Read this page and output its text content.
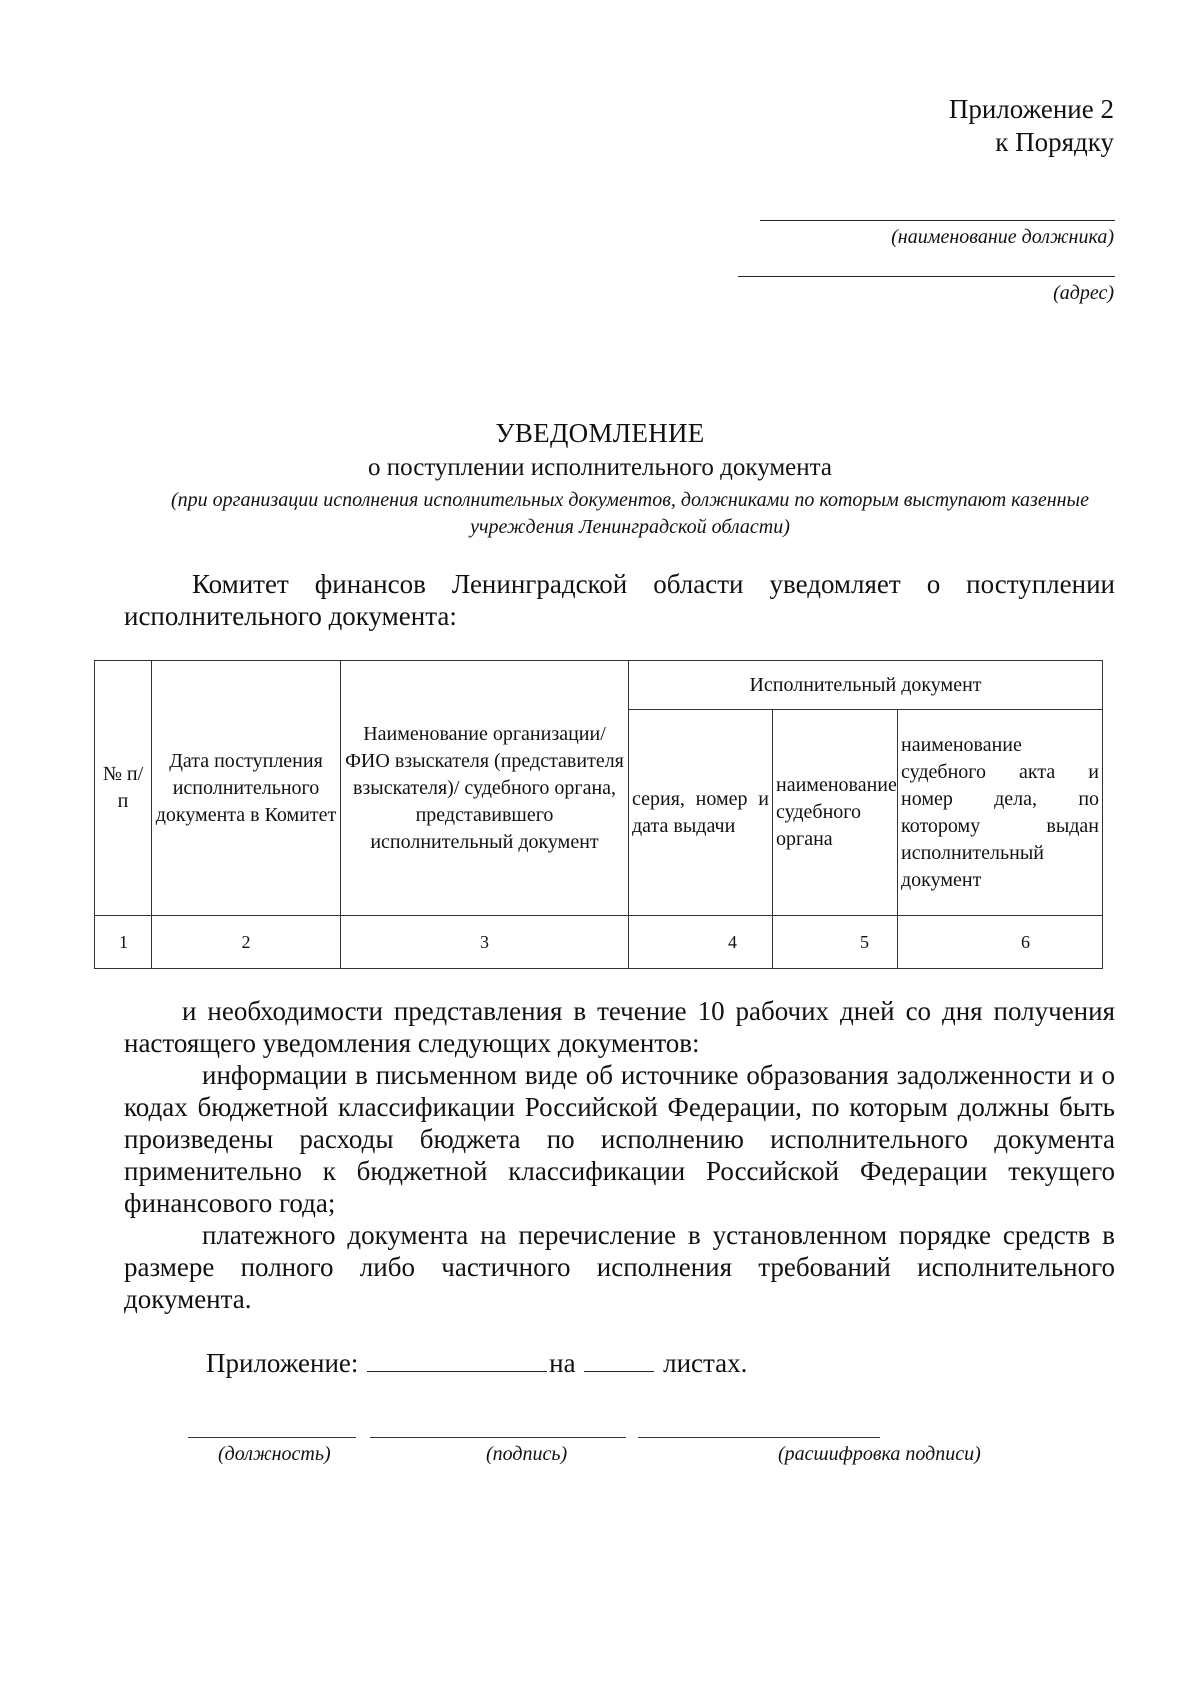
Приложение 2
к Порядку
(наименование должника)
(адрес)
УВЕДОМЛЕНИЕ
о поступлении исполнительного документа
(при организации исполнения исполнительных документов, должниками по которым выступают казенные учреждения Ленинградской области)
Комитет финансов Ленинградской области уведомляет о поступлении исполнительного документа:
№ п/п	Дата поступления исполнительного документа в Комитет	Наименование организации/ ФИО взыскателя (представителя взыскателя)/ судебного органа, представившего исполнительный документ	Исполнительный документ		
			серия, номер и дата выдачи	наименование судебного органа	наименование судебного акта и номер дела, по которому выдан исполнительный документ
1	2	3	4	5	6
и необходимости представления в течение 10 рабочих дней со дня получения настоящего уведомления следующих документов:
информации в письменном виде об источнике образования задолженности и о кодах бюджетной классификации Российской Федерации, по которым должны быть произведены расходы бюджета по исполнению исполнительного документа применительно к бюджетной классификации Российской Федерации текущего финансового года;
платежного документа на перечисление в установленном порядке средств в размере полного либо частичного исполнения требований исполнительного документа.
Приложение:	на	листах.
(должность)	(подпись)	(расшифровка подписи)
